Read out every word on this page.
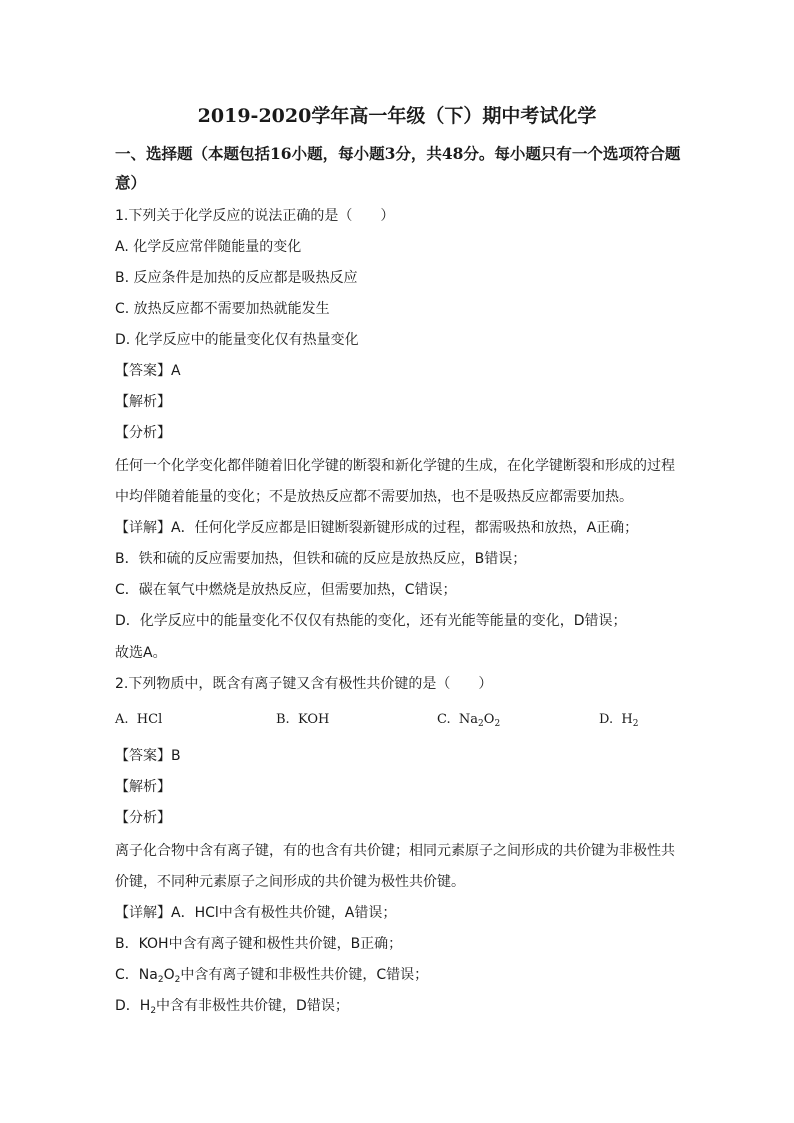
2019-2020学年高一年级（下）期中考试化学
一、选择题（本题包括16小题，每小题3分，共48分。每小题只有一个选项符合题意）
1.下列关于化学反应的说法正确的是（　　）
A. 化学反应常伴随能量的变化
B. 反应条件是加热的反应都是吸热反应
C. 放热反应都不需要加热就能发生
D. 化学反应中的能量变化仅有热量变化
【答案】A
【解析】
【分析】
任何一个化学变化都伴随着旧化学键的断裂和新化学键的生成，在化学键断裂和形成的过程
中均伴随着能量的变化；不是放热反应都不需要加热，也不是吸热反应都需要加热。
【详解】A．任何化学反应都是旧键断裂新键形成的过程，都需吸热和放热，A正确；
B．铁和硫的反应需要加热，但铁和硫的反应是放热反应，B错误；
C．碳在氧气中燃烧是放热反应，但需要加热，C错误；
D．化学反应中的能量变化不仅仅有热能的变化，还有光能等能量的变化，D错误；
故选A。
2.下列物质中，既含有离子键又含有极性共价键的是（　　）
A. HCl	B. KOH	C. $Na_2O_2$	D. $H_2$
【答案】B
【解析】
【分析】
离子化合物中含有离子键，有的也含有共价键；相同元素原子之间形成的共价键为非极性共
价键，不同种元素原子之间形成的共价键为极性共价键。
【详解】A．HCl中含有极性共价键，A错误；
B．KOH中含有离子键和极性共价键，B正确；
C．$Na_2O_2$中含有离子键和非极性共价键，C错误；
D．$H_2$中含有非极性共价键，D错误；
